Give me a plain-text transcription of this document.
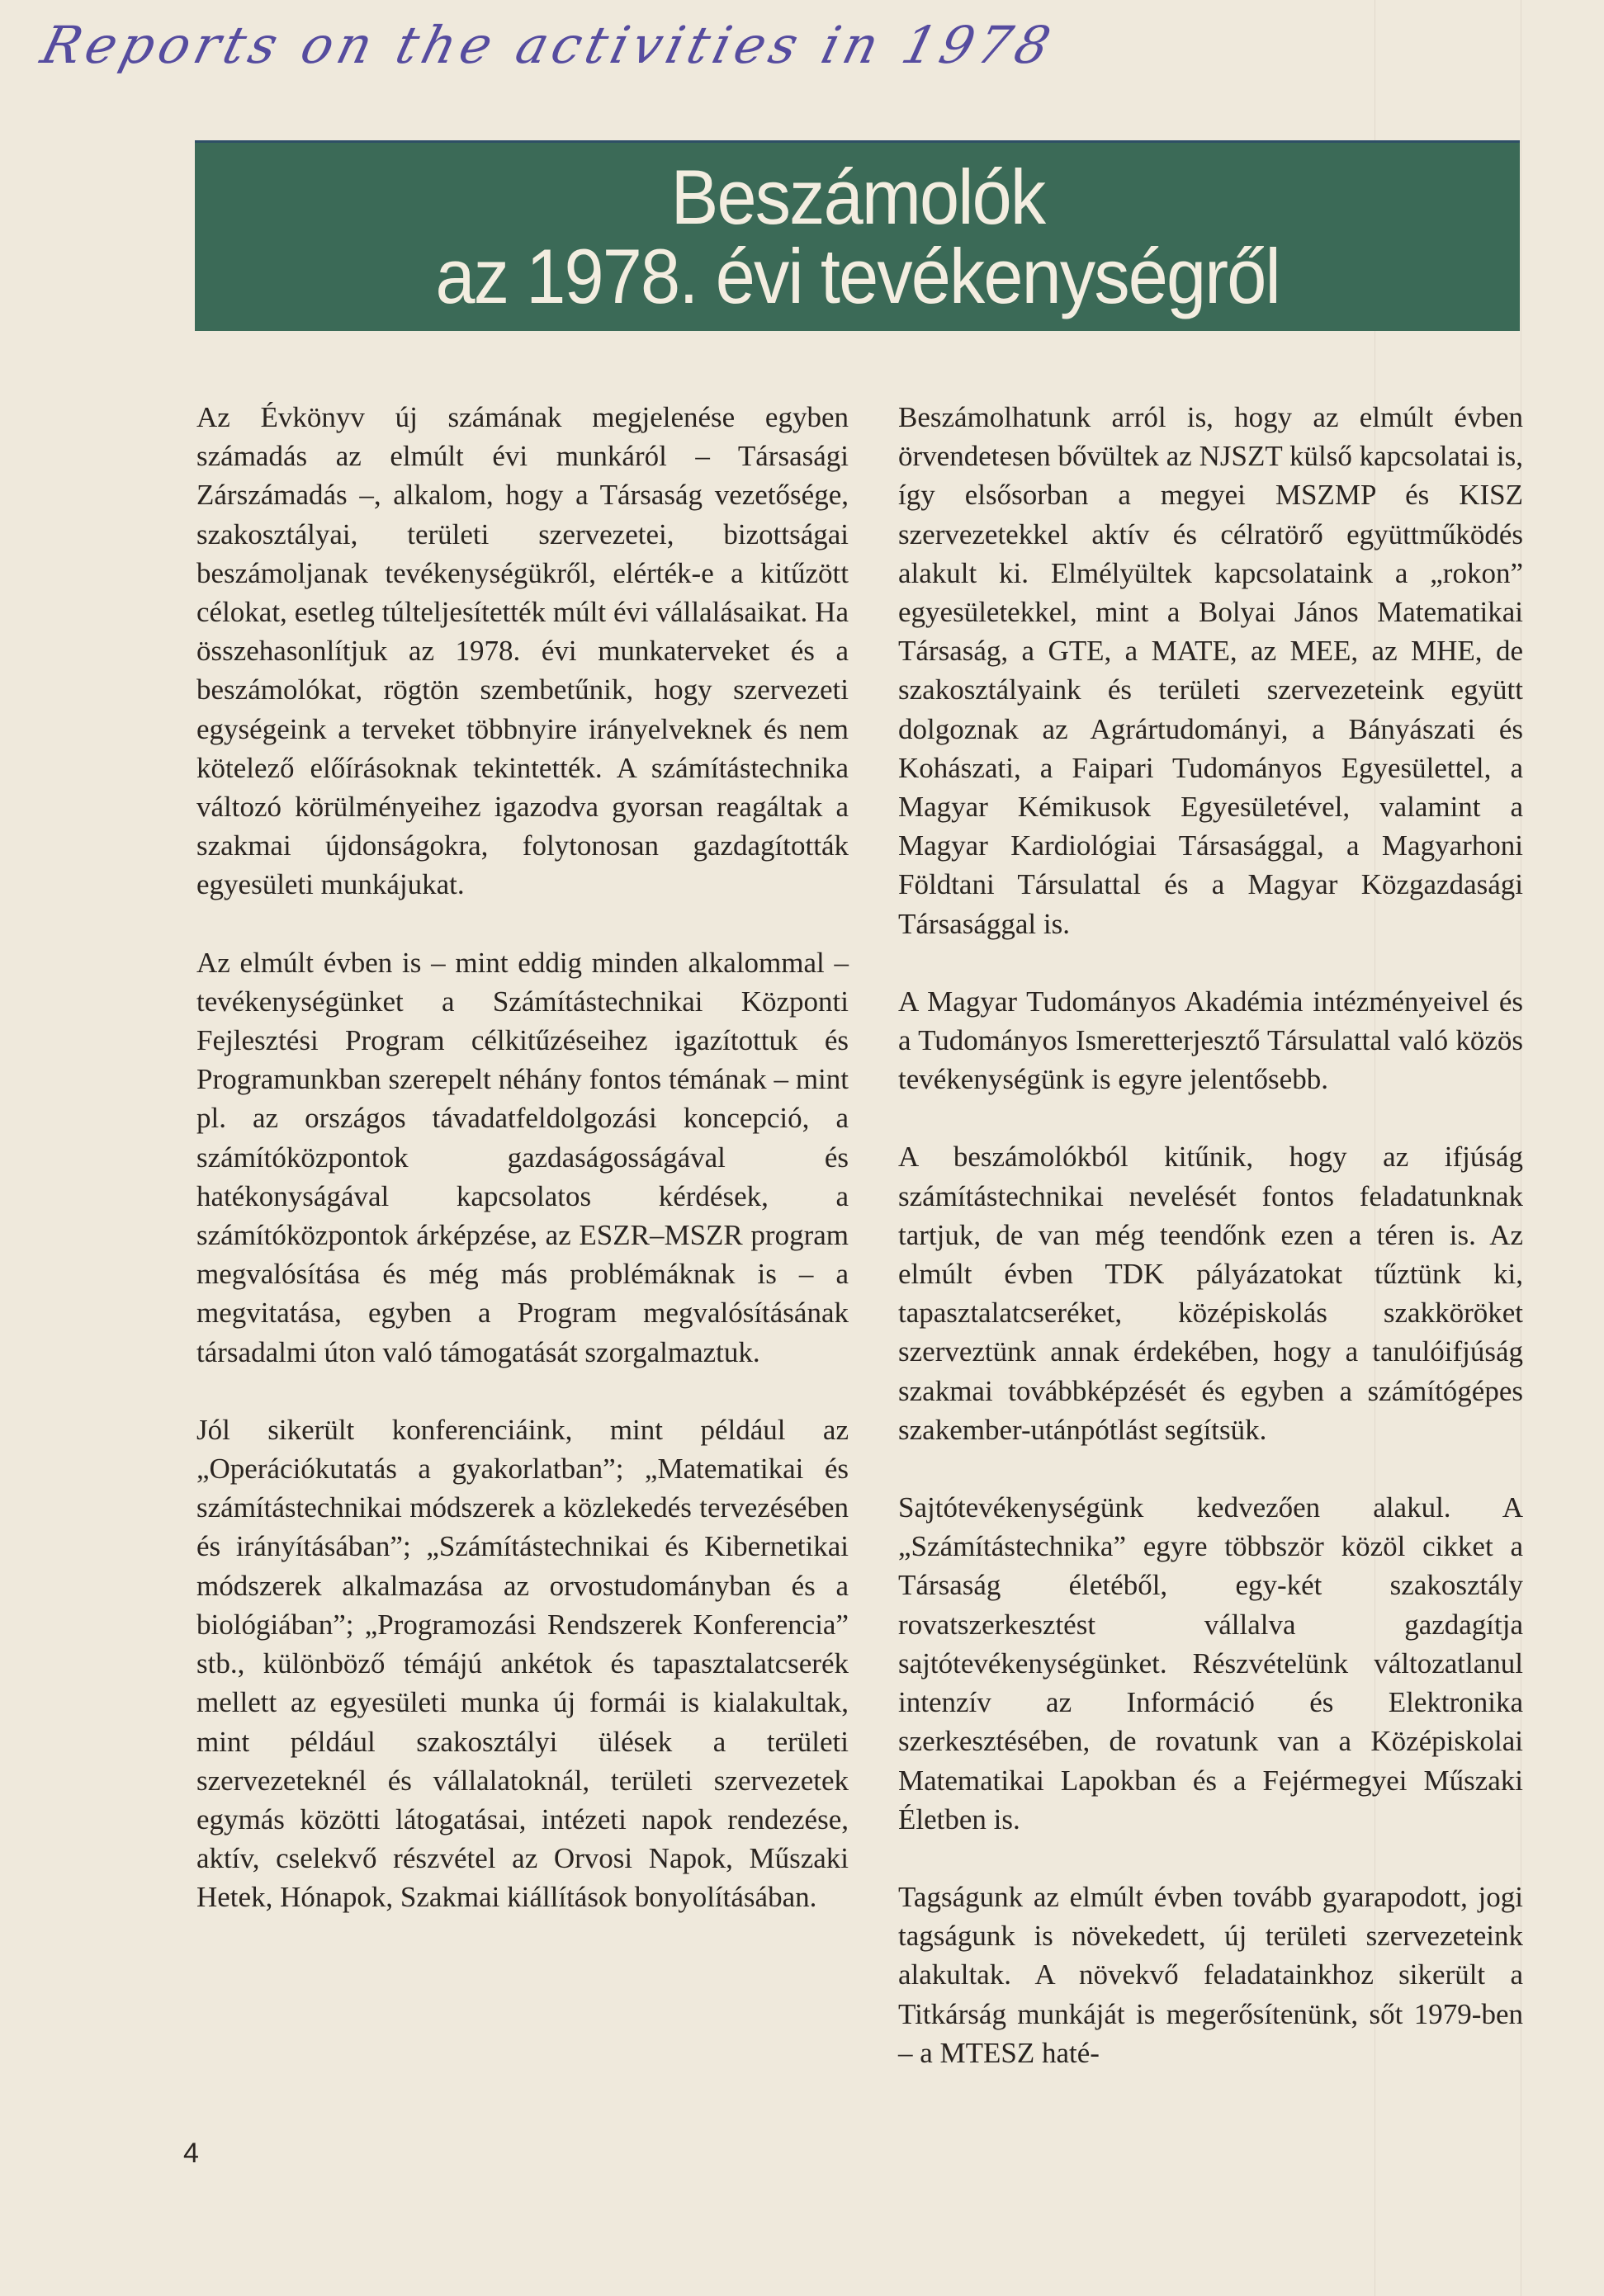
Reports on the activities in 1978
Beszámolók
az 1978. évi tevékenységről

Az Évkönyv új számának megjelenése egyben számadás az elmúlt évi munkáról – Társasági Zárszámadás –, alkalom, hogy a Társaság vezetősége, szakosztályai, területi szervezetei, bizottságai beszámoljanak tevékenységükről, elérték-e a kitűzött célokat, esetleg túlteljesítették múlt évi vállalásaikat. Ha összehasonlítjuk az 1978. évi munkaterveket és a beszámolókat, rögtön szembetűnik, hogy szervezeti egységeink a terveket többnyire irányelveknek és nem kötelező előírásoknak tekintették. A számítástechnika változó körülményeihez igazodva gyorsan reagáltak a szakmai újdonságokra, folytonosan gazdagították egyesületi munkájukat.

Az elmúlt évben is – mint eddig minden alkalommal – tevékenységünket a Számítástechnikai Központi Fejlesztési Program célkitűzéseihez igazítottuk és Programunkban szerepelt néhány fontos témának – mint pl. az országos távadatfeldolgozási koncepció, a számítóközpontok gazdaságosságával és hatékonyságával kapcsolatos kérdések, a számítóközpontok árképzése, az ESZR–MSZR program megvalósítása és még más problémáknak is – a megvitatása, egyben a Program megvalósításának társadalmi úton való támogatását szorgalmaztuk.

Jól sikerült konferenciáink, mint például az „Operációkutatás a gyakorlatban”; „Matematikai és számítástechnikai módszerek a közlekedés tervezésében és irányításában”; „Számítástechnikai és Kibernetikai módszerek alkalmazása az orvostudományban és a biológiában”; „Programozási Rendszerek Konferencia” stb., különböző témájú ankétok és tapasztalatcserék mellett az egyesületi munka új formái is kialakultak, mint például szakosztályi ülések a területi szervezeteknél és vállalatoknál, területi szervezetek egymás közötti látogatásai, intézeti napok rendezése, aktív, cselekvő részvétel az Orvosi Napok, Műszaki Hetek, Hónapok, Szakmai kiállítások bonyolításában.

Beszámolhatunk arról is, hogy az elmúlt évben örvendetesen bővültek az NJSZT külső kapcsolatai is, így elsősorban a megyei MSZMP és KISZ szervezetekkel aktív és célratörő együttműködés alakult ki. Elmélyültek kapcsolataink a „rokon” egyesületekkel, mint a Bolyai János Matematikai Társaság, a GTE, a MATE, az MEE, az MHE, de szakosztályaink és területi szervezeteink együtt dolgoznak az Agrártudományi, a Bányászati és Kohászati, a Faipari Tudományos Egyesülettel, a Magyar Kémikusok Egyesületével, valamint a Magyar Kardiológiai Társasággal, a Magyarhoni Földtani Társulattal és a Magyar Közgazdasági Társasággal is.

A Magyar Tudományos Akadémia intézményeivel és a Tudományos Ismeretterjesztő Társulattal való közös tevékenységünk is egyre jelentősebb.

A beszámolókból kitűnik, hogy az ifjúság számítástechnikai nevelését fontos feladatunknak tartjuk, de van még teendőnk ezen a téren is. Az elmúlt évben TDK pályázatokat tűztünk ki, tapasztalatcseréket, középiskolás szakköröket szerveztünk annak érdekében, hogy a tanulóifjúság szakmai továbbképzését és egyben a számítógépes szakember-utánpótlást segítsük.

Sajtótevékenységünk kedvezően alakul. A „Számítástechnika” egyre többször közöl cikket a Társaság életéből, egy-két szakosztály rovatszerkesztést vállalva gazdagítja sajtótevékenységünket. Részvételünk változatlanul intenzív az Információ és Elektronika szerkesztésében, de rovatunk van a Középiskolai Matematikai Lapokban és a Fejérmegyei Műszaki Életben is.

Tagságunk az elmúlt évben tovább gyarapodott, jogi tagságunk is növekedett, új területi szervezeteink alakultak. A növekvő feladatainkhoz sikerült a Titkárság munkáját is megerősítenünk, sőt 1979-ben – a MTESZ haté-

4
